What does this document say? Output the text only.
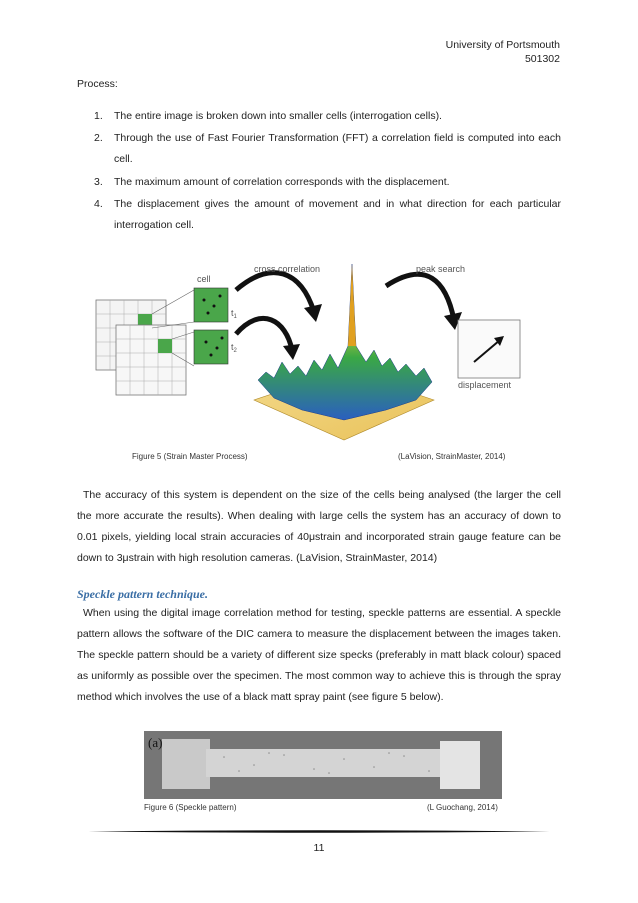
University of Portsmouth
501302
Process:
1. The entire image is broken down into smaller cells (interrogation cells).
2. Through the use of Fast Fourier Transformation (FFT) a correlation field is computed into each cell.
3. The maximum amount of correlation corresponds with the displacement.
4. The displacement gives the amount of movement and in what direction for each particular interrogation cell.
cell
cross correlation	peak search
displacement
$t_1$
$t_2$
Figure 5 (Strain Master Process)	(LaVision, StrainMaster, 2014)
The accuracy of this system is dependent on the size of the cells being analysed (the larger the cell the more accurate the results). When dealing with large cells the system has an accuracy of down to 0.01 pixels, yielding local strain accuracies of 40μstrain and incorporated strain gauge feature can be down to 3μstrain with high resolution cameras. (LaVision, StrainMaster, 2014)
Speckle pattern technique.
When using the digital image correlation method for testing, speckle patterns are essential. A speckle pattern allows the software of the DIC camera to measure the displacement between the images taken. The speckle pattern should be a variety of different size specks (preferably in matt black colour) spaced as uniformly as possible over the specimen. The most common way to achieve this is through the spray method which involves the use of a black matt spray paint (see figure 5 below).
(a)
Figure 6 (Speckle pattern)	(L Guochang, 2014)
11
